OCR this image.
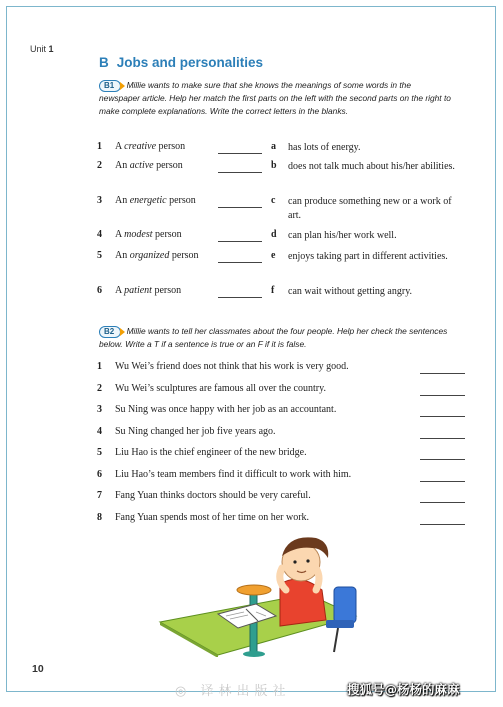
Unit 1
B Jobs and personalities
B1 Millie wants to make sure that she knows the meanings of some words in the newspaper article. Help her match the first parts on the left with the second parts on the right to make complete explanations. Write the correct letters in the blanks.
1 A creative person	a has lots of energy.
2 An active person	b does not talk much about his/her abilities.
3 An energetic person	c can produce something new or a work of art.
4 A modest person	d can plan his/her work well.
5 An organized person	e enjoys taking part in different activities.
6 A patient person	f can wait without getting angry.
B2 Millie wants to tell her classmates about the four people. Help her check the sentences below. Write a T if a sentence is true or an F if it is false.
1 Wu Wei’s friend does not think that his work is very good.
2 Wu Wei’s sculptures are famous all over the country.
3 Su Ning was once happy with her job as an accountant.
4 Su Ning changed her job five years ago.
5 Liu Hao is the chief engineer of the new bridge.
6 Liu Hao’s team members find it difficult to work with him.
7 Fang Yuan thinks doctors should be very careful.
8 Fang Yuan spends most of her time on her work.
10
◎ 译林出版社	搜狐号@杨杨的麻麻
